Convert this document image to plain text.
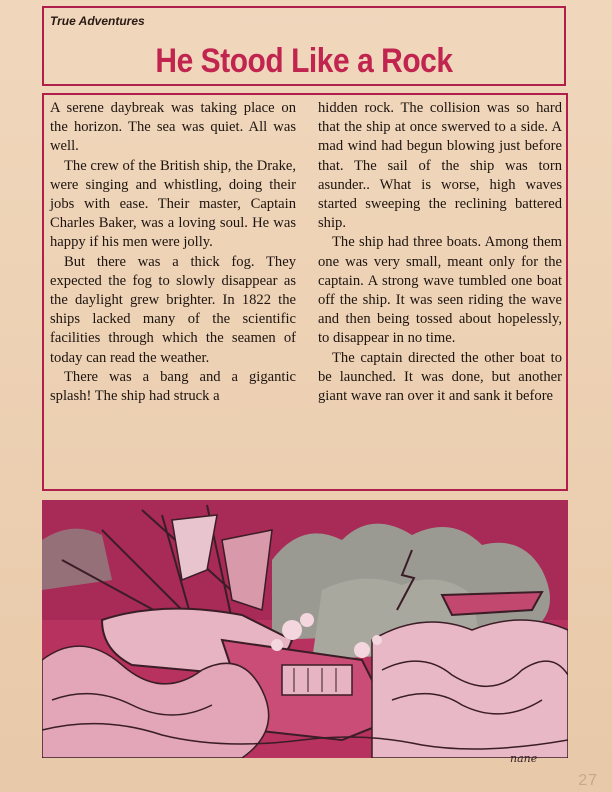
True Adventures
He Stood Like a Rock

A serene daybreak was taking place on the horizon. The sea was quiet. All was well.

The crew of the British ship, the Drake, were singing and whistling, doing their jobs with ease. Their master, Captain Charles Baker, was a loving soul. He was happy if his men were jolly.

But there was a thick fog. They expected the fog to slowly disappear as the daylight grew brighter. In 1822 the ships lacked many of the scientific facilities through which the seamen of today can read the weather.

There was a bang and a gigantic splash! The ship had struck a

hidden rock. The collision was so hard that the ship at once swerved to a side. A mad wind had begun blowing just before that. The sail of the ship was torn asunder.. What is worse, high waves started sweeping the reclining battered ship.

The ship had three boats. Among them one was very small, meant only for the captain. A strong wave tumbled one boat off the ship. It was seen riding the wave and then being tossed about hopelessly, to disappear in no time.

The captain directed the other boat to be launched. It was done, but another giant wave ran over it and sank it before

nane
27
